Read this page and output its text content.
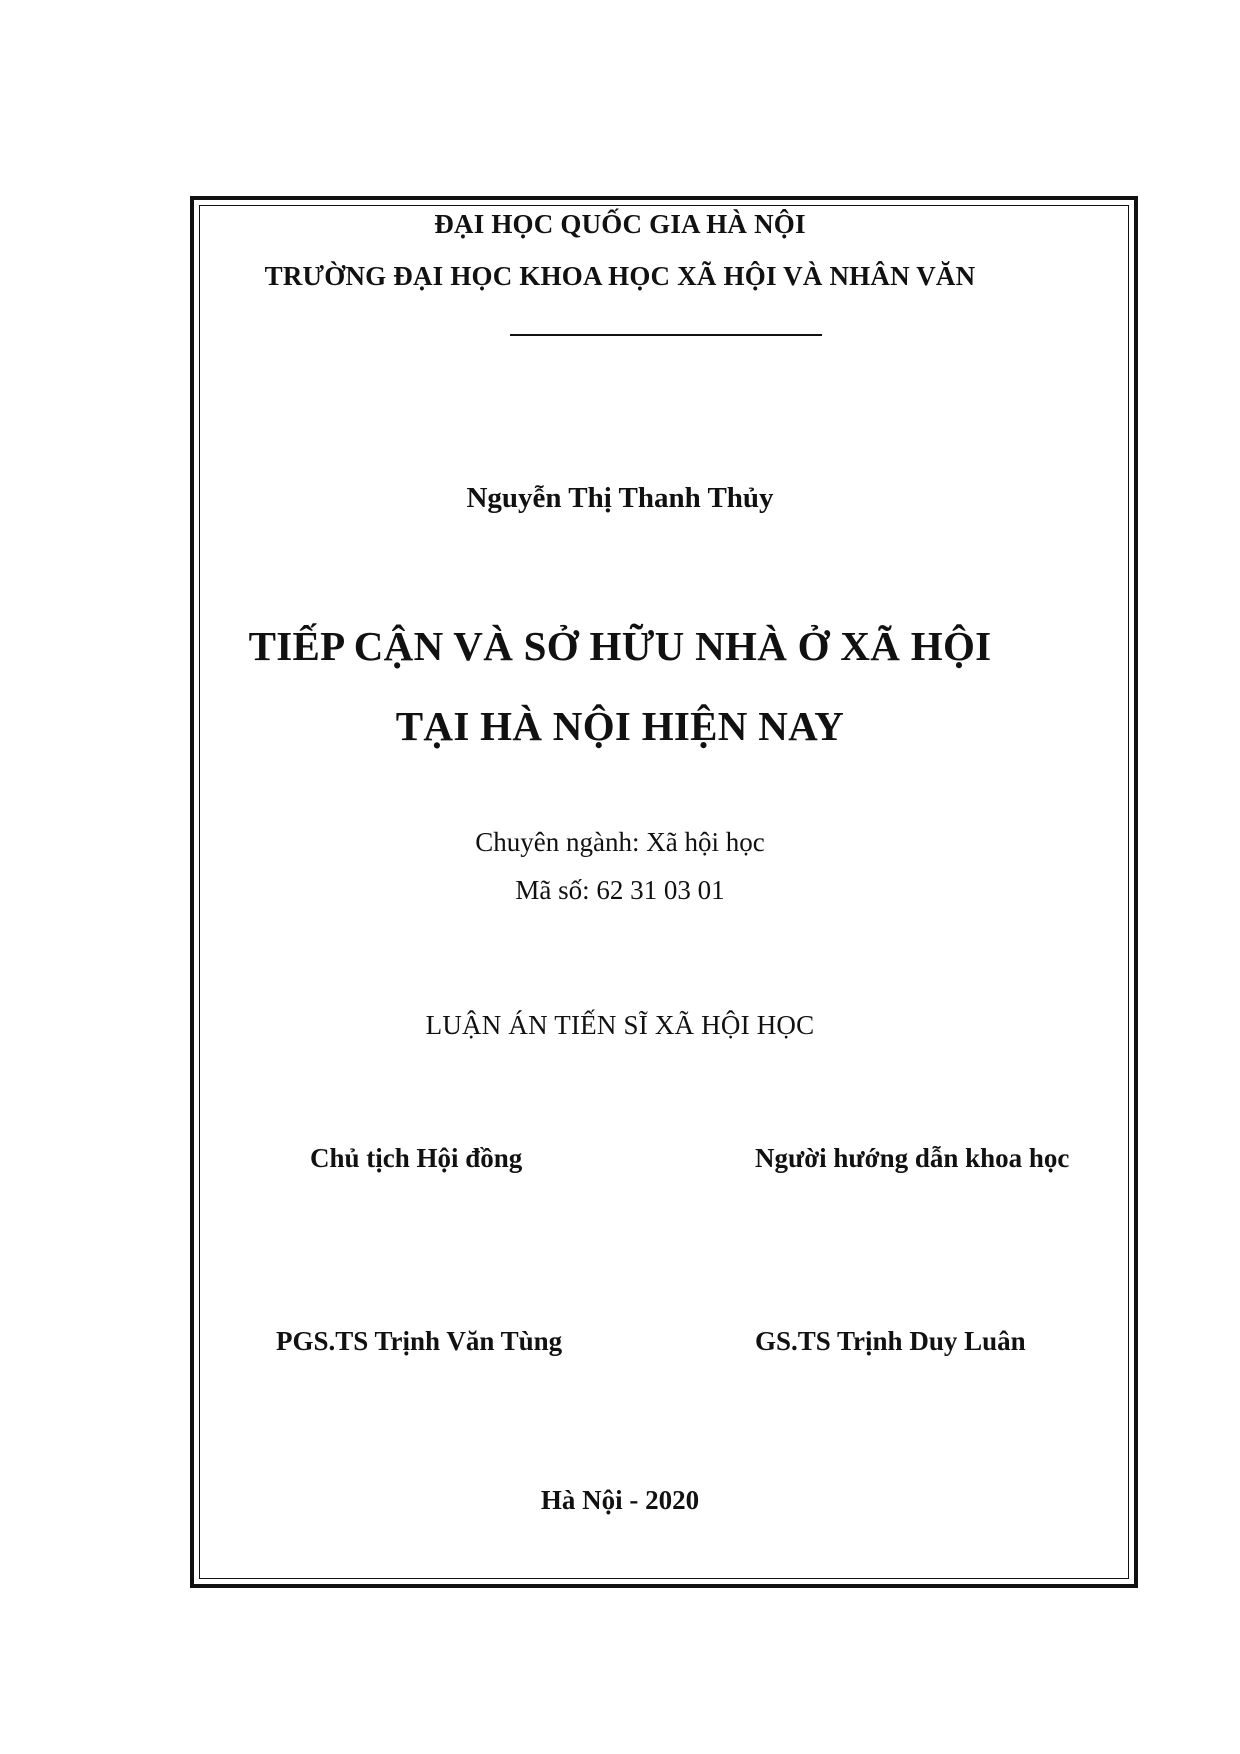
ĐẠI HỌC QUỐC GIA HÀ NỘI
TRƯỜNG ĐẠI HỌC KHOA HỌC XÃ HỘI VÀ NHÂN VĂN
Nguyễn Thị Thanh Thủy
TIẾP CẬN VÀ SỞ HỮU NHÀ Ở XÃ HỘI
TẠI HÀ NỘI HIỆN NAY
Chuyên ngành: Xã hội học
Mã số: 62 31 03 01
LUẬN ÁN TIẾN SĨ XÃ HỘI HỌC
Chủ tịch Hội đồng	Người hướng dẫn khoa học
PGS.TS Trịnh Văn Tùng	GS.TS Trịnh Duy Luân
Hà Nội - 2020
